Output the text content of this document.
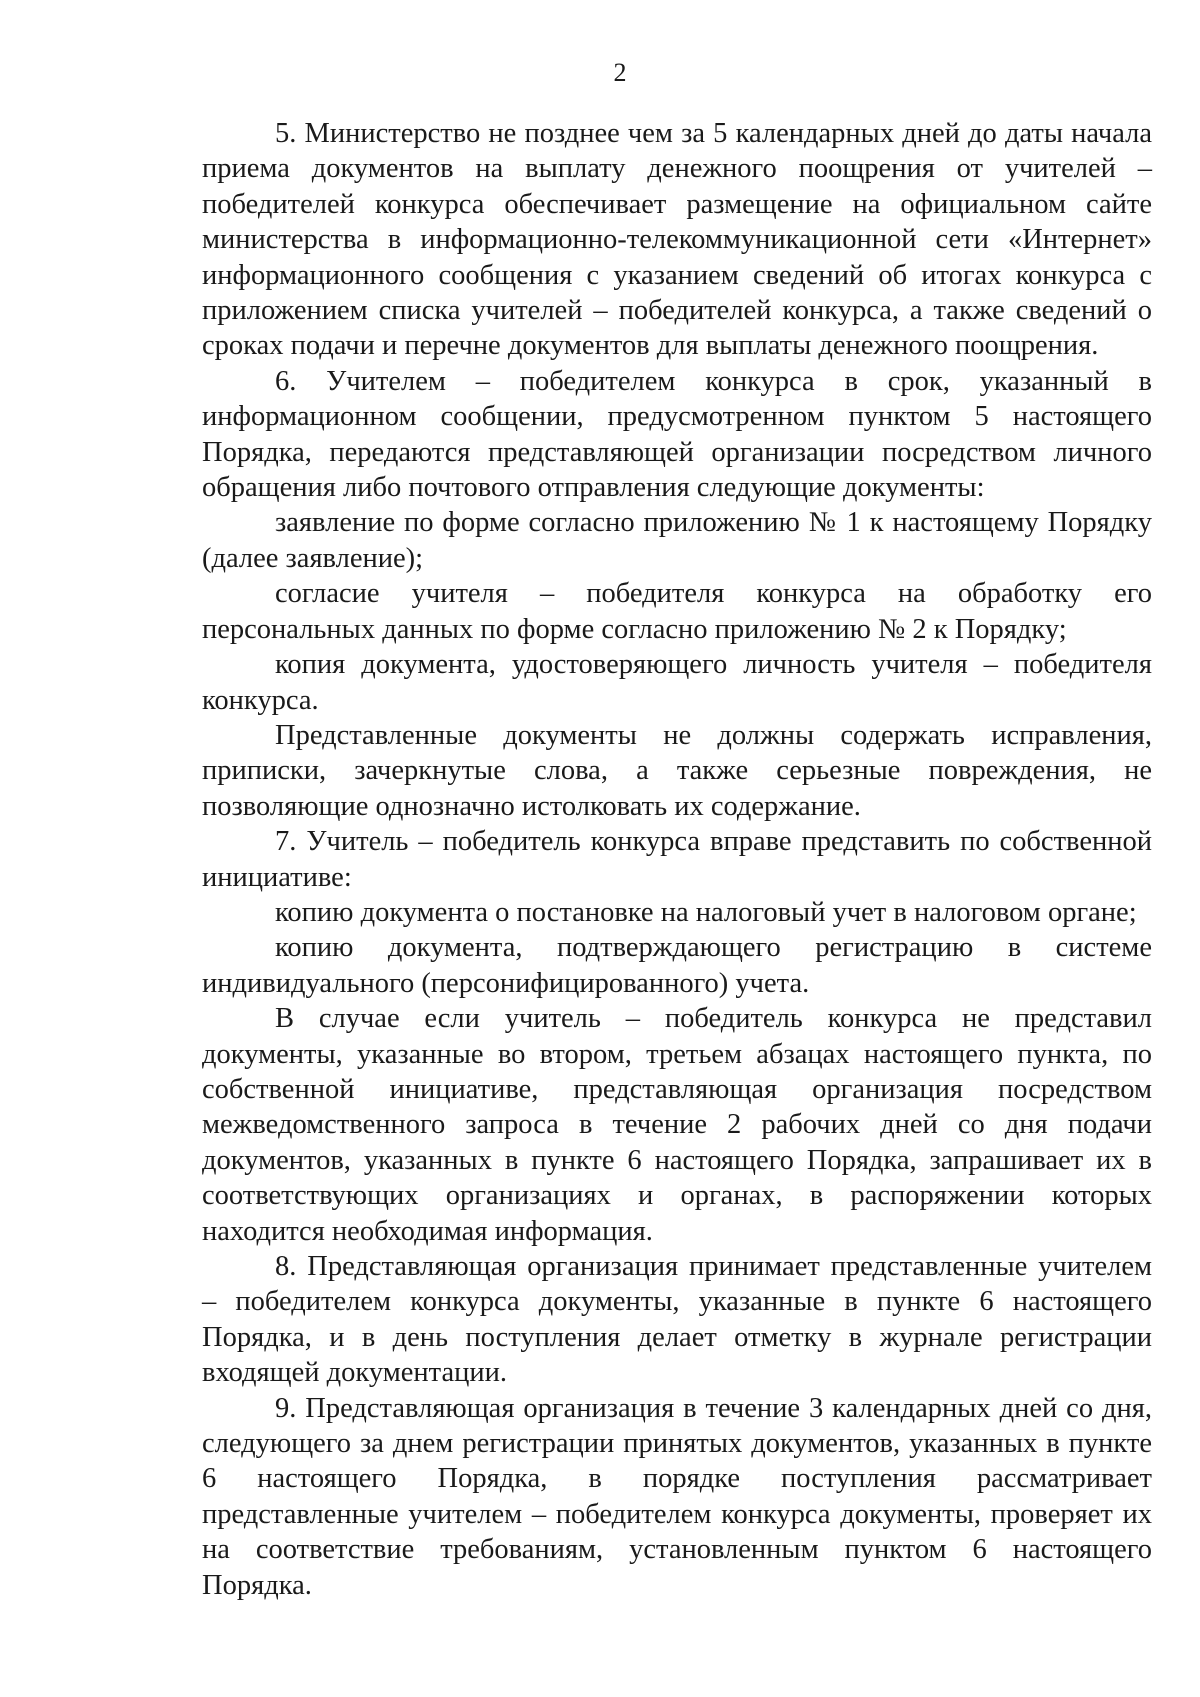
2

5. Министерство не позднее чем за 5 календарных дней до даты начала приема документов на выплату денежного поощрения от учителей – победителей конкурса обеспечивает размещение на официальном сайте министерства в информационно-телекоммуникационной сети «Интернет» информационного сообщения с указанием сведений об итогах конкурса с приложением списка учителей – победителей конкурса, а также сведений о сроках подачи и перечне документов для выплаты денежного поощрения.

6. Учителем – победителем конкурса в срок, указанный в информационном сообщении, предусмотренном пунктом 5 настоящего Порядка, передаются представляющей организации посредством личного обращения либо почтового отправления следующие документы:

заявление по форме согласно приложению № 1 к настоящему Порядку (далее заявление);

согласие учителя – победителя конкурса на обработку его персональных данных по форме согласно приложению № 2 к Порядку;

копия документа, удостоверяющего личность учителя – победителя конкурса.

Представленные документы не должны содержать исправления, приписки, зачеркнутые слова, а также серьезные повреждения, не позволяющие однозначно истолковать их содержание.

7. Учитель – победитель конкурса вправе представить по собственной инициативе:

копию документа о постановке на налоговый учет в налоговом органе;

копию документа, подтверждающего регистрацию в системе индивидуального (персонифицированного) учета.

В случае если учитель – победитель конкурса не представил документы, указанные во втором, третьем абзацах настоящего пункта, по собственной инициативе, представляющая организация посредством межведомственного запроса в течение 2 рабочих дней со дня подачи документов, указанных в пункте 6 настоящего Порядка, запрашивает их в соответствующих организациях и органах, в распоряжении которых находится необходимая информация.

8. Представляющая организация принимает представленные учителем – победителем конкурса документы, указанные в пункте 6 настоящего Порядка, и в день поступления делает отметку в журнале регистрации входящей документации.

9. Представляющая организация в течение 3 календарных дней со дня, следующего за днем регистрации принятых документов, указанных в пункте 6 настоящего Порядка, в порядке поступления рассматривает представленные учителем – победителем конкурса документы, проверяет их на соответствие требованиям, установленным пунктом 6 настоящего Порядка.
